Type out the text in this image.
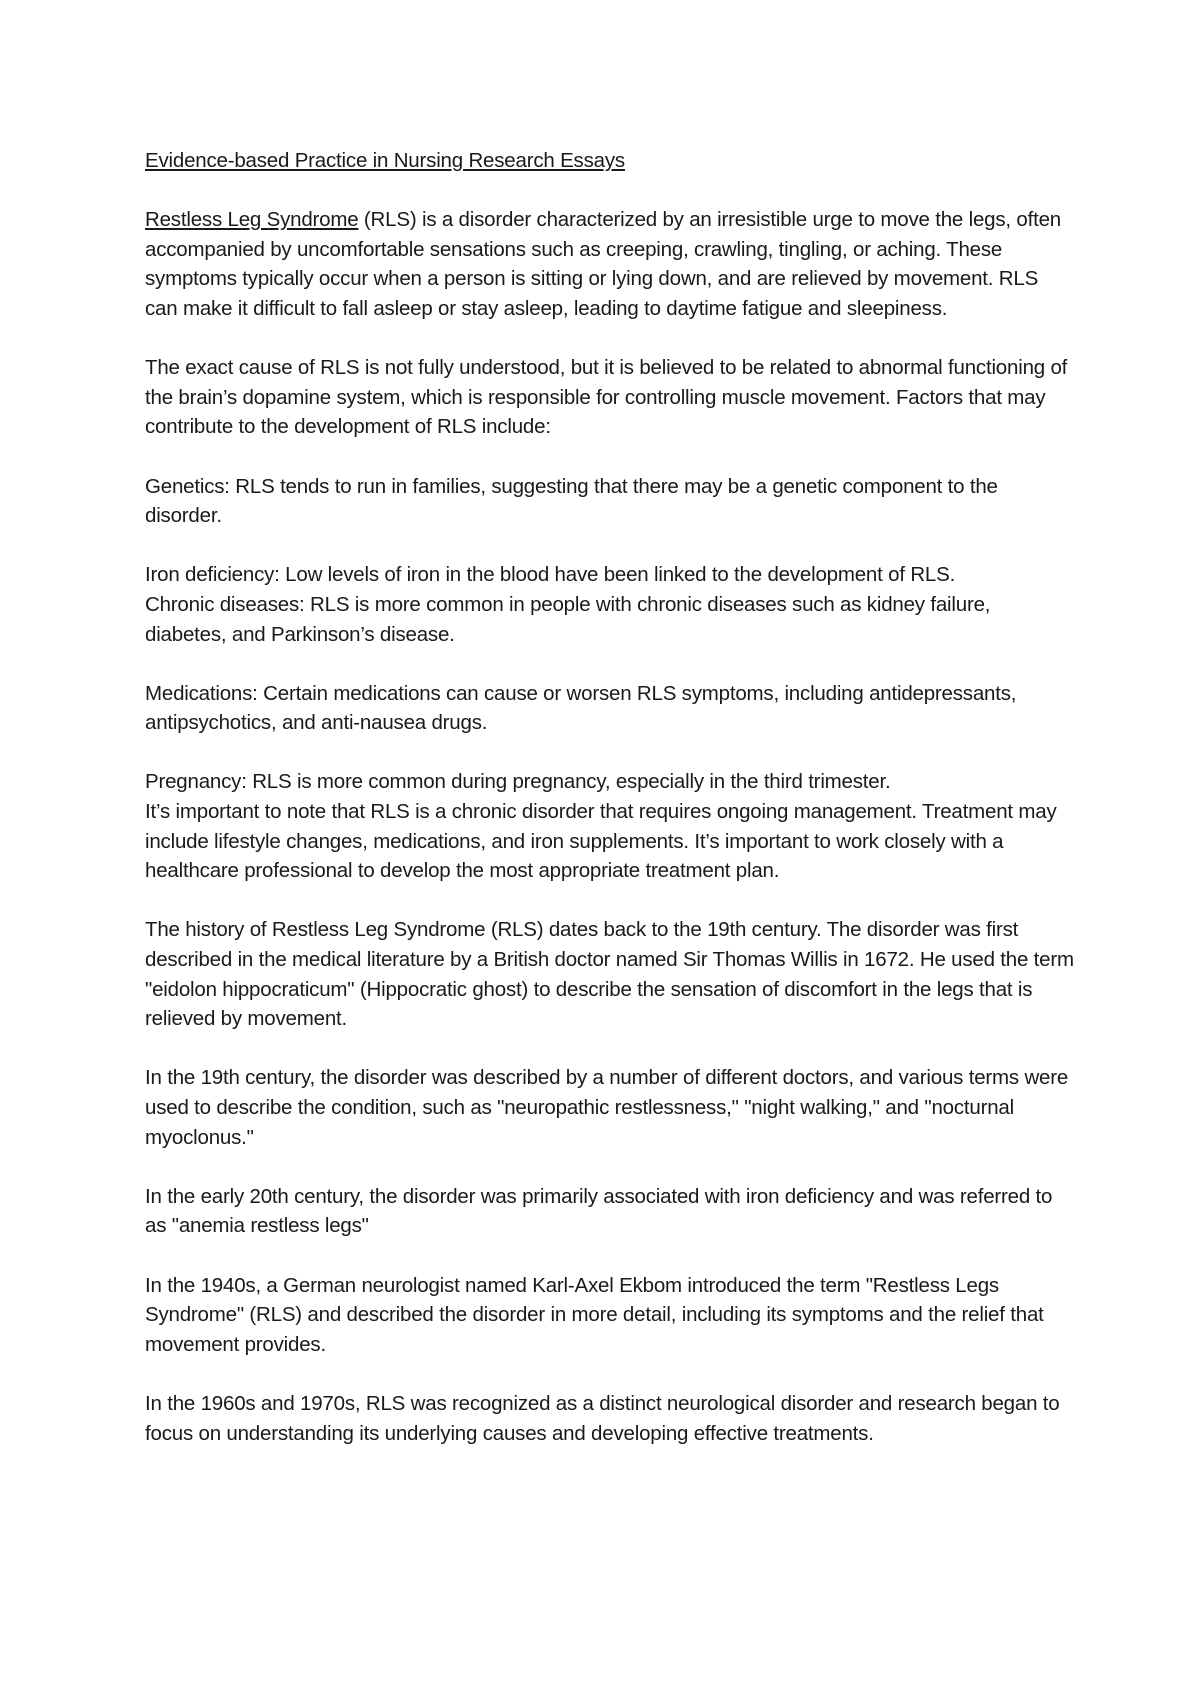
Evidence-based Practice in Nursing Research Essays

Restless Leg Syndrome (RLS) is a disorder characterized by an irresistible urge to move the legs, often accompanied by uncomfortable sensations such as creeping, crawling, tingling, or aching. These symptoms typically occur when a person is sitting or lying down, and are relieved by movement. RLS can make it difficult to fall asleep or stay asleep, leading to daytime fatigue and sleepiness.

The exact cause of RLS is not fully understood, but it is believed to be related to abnormal functioning of the brain’s dopamine system, which is responsible for controlling muscle movement. Factors that may contribute to the development of RLS include:

Genetics: RLS tends to run in families, suggesting that there may be a genetic component to the disorder.

Iron deficiency: Low levels of iron in the blood have been linked to the development of RLS.

Chronic diseases: RLS is more common in people with chronic diseases such as kidney failure, diabetes, and Parkinson’s disease.

Medications: Certain medications can cause or worsen RLS symptoms, including antidepressants, antipsychotics, and anti-nausea drugs.

Pregnancy: RLS is more common during pregnancy, especially in the third trimester.

It’s important to note that RLS is a chronic disorder that requires ongoing management. Treatment may include lifestyle changes, medications, and iron supplements. It’s important to work closely with a healthcare professional to develop the most appropriate treatment plan.

The history of Restless Leg Syndrome (RLS) dates back to the 19th century. The disorder was first described in the medical literature by a British doctor named Sir Thomas Willis in 1672. He used the term "eidolon hippocraticum" (Hippocratic ghost) to describe the sensation of discomfort in the legs that is relieved by movement.

In the 19th century, the disorder was described by a number of different doctors, and various terms were used to describe the condition, such as "neuropathic restlessness," "night walking," and "nocturnal myoclonus."

In the early 20th century, the disorder was primarily associated with iron deficiency and was referred to as "anemia restless legs"

In the 1940s, a German neurologist named Karl-Axel Ekbom introduced the term "Restless Legs Syndrome" (RLS) and described the disorder in more detail, including its symptoms and the relief that movement provides.

In the 1960s and 1970s, RLS was recognized as a distinct neurological disorder and research began to focus on understanding its underlying causes and developing effective treatments.
